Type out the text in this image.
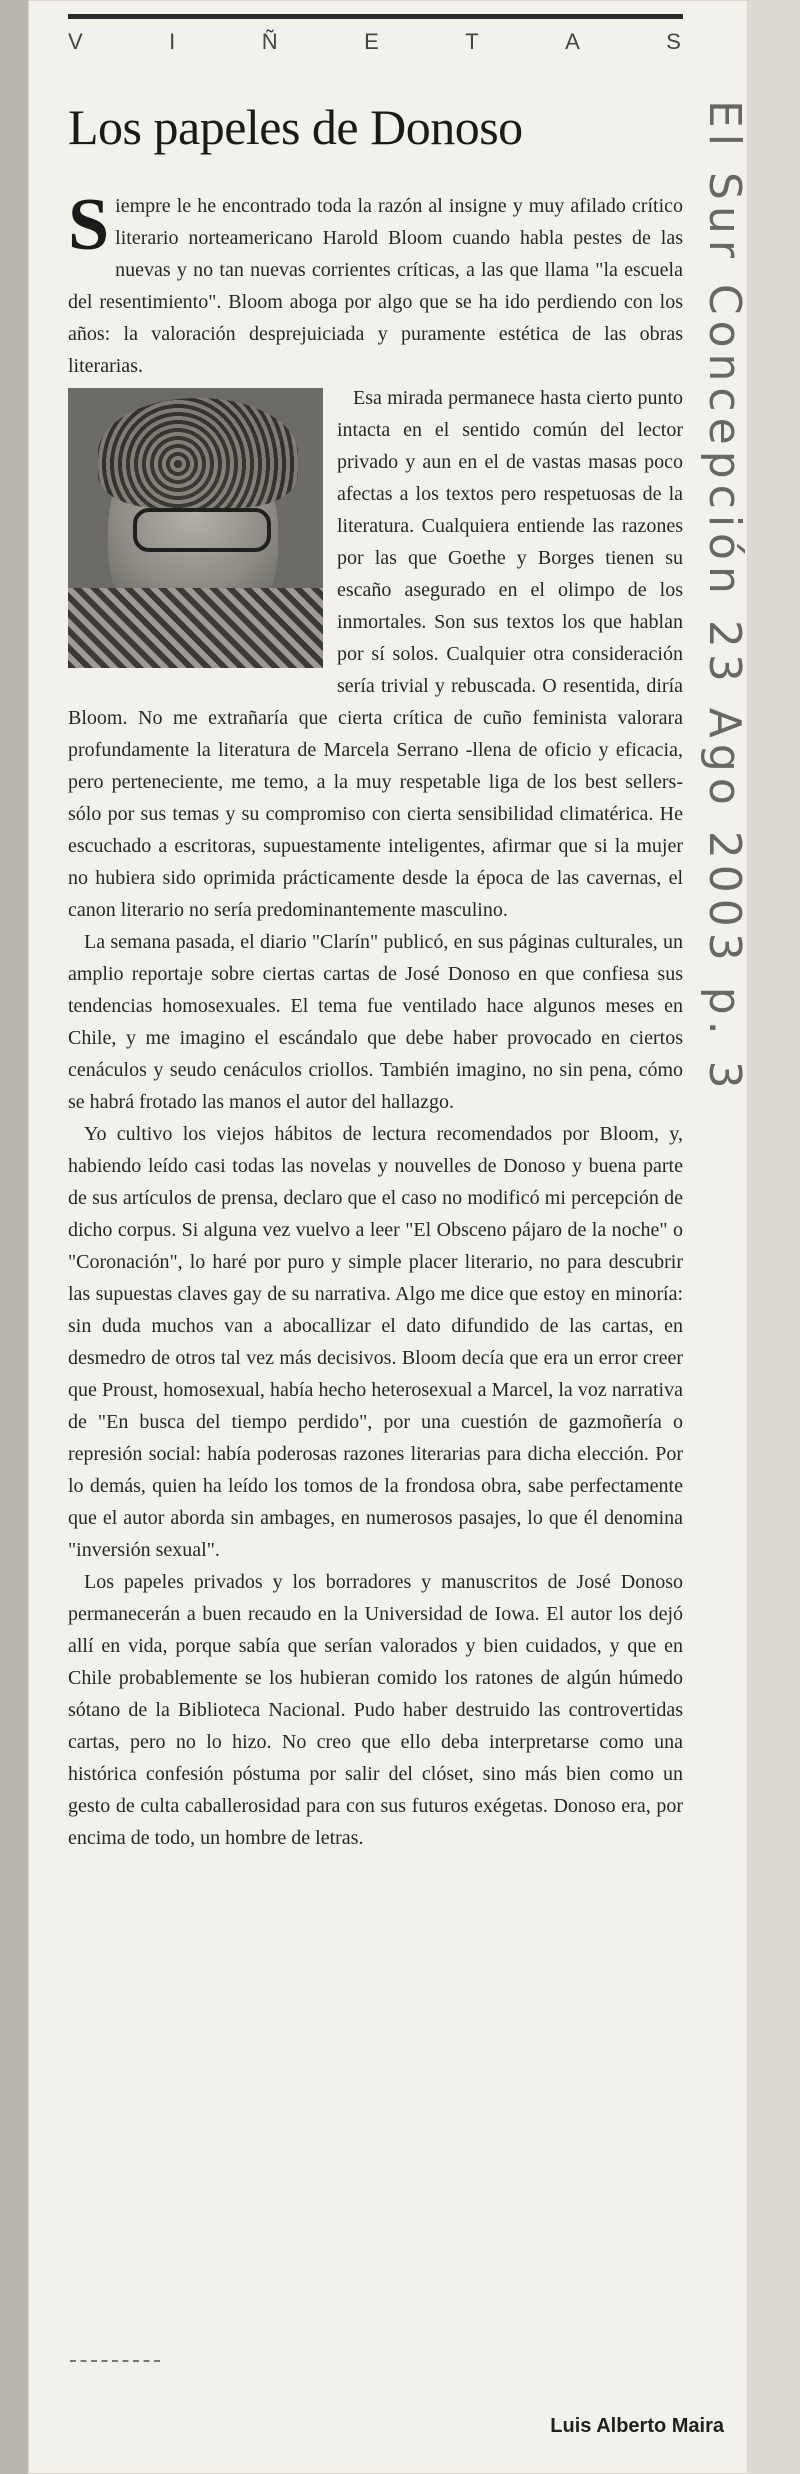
V	I	Ñ	E	T	A	S
Los papeles de Donoso

Siempre le he encontrado toda la razón al insigne y muy afilado crítico literario norteamericano Harold Bloom cuando habla pestes de las nuevas y no tan nuevas corrientes críticas, a las que llama "la escuela del resentimiento". Bloom aboga por algo que se ha ido perdiendo con los años: la valoración desprejuiciada y puramente estética de las obras literarias.

Esa mirada permanece hasta cierto punto intacta en el sentido común del lector privado y aun en el de vastas masas poco afectas a los textos pero respetuosas de la literatura. Cualquiera entiende las razones por las que Goethe y Borges tienen su escaño asegurado en el olimpo de los inmortales. Son sus textos los que hablan por sí solos. Cualquier otra consideración sería trivial y rebuscada. O resentida, diría Bloom. No me extrañaría que cierta crítica de cuño feminista valorara profundamente la literatura de Marcela Serrano -llena de oficio y eficacia, pero perteneciente, me temo, a la muy respetable liga de los best sellers- sólo por sus temas y su compromiso con cierta sensibilidad climatérica. He escuchado a escritoras, supuestamente inteligentes, afirmar que si la mujer no hubiera sido oprimida prácticamente desde la época de las cavernas, el canon literario no sería predominantemente masculino.

La semana pasada, el diario "Clarín" publicó, en sus páginas culturales, un amplio reportaje sobre ciertas cartas de José Donoso en que confiesa sus tendencias homosexuales. El tema fue ventilado hace algunos meses en Chile, y me imagino el escándalo que debe haber provocado en ciertos cenáculos y seudo cenáculos criollos. También imagino, no sin pena, cómo se habrá frotado las manos el autor del hallazgo.

Yo cultivo los viejos hábitos de lectura recomendados por Bloom, y, habiendo leído casi todas las novelas y nouvelles de Donoso y buena parte de sus artículos de prensa, declaro que el caso no modificó mi percepción de dicho corpus. Si alguna vez vuelvo a leer "El Obsceno pájaro de la noche" o "Coronación", lo haré por puro y simple placer literario, no para descubrir las supuestas claves gay de su narrativa. Algo me dice que estoy en minoría: sin duda muchos van a abocallizar el dato difundido de las cartas, en desmedro de otros tal vez más decisivos. Bloom decía que era un error creer que Proust, homosexual, había hecho heterosexual a Marcel, la voz narrativa de "En busca del tiempo perdido", por una cuestión de gazmoñería o represión social: había poderosas razones literarias para dicha elección. Por lo demás, quien ha leído los tomos de la frondosa obra, sabe perfectamente que el autor aborda sin ambages, en numerosos pasajes, lo que él denomina "inversión sexual".

Los papeles privados y los borradores y manuscritos de José Donoso permanecerán a buen recaudo en la Universidad de Iowa. El autor los dejó allí en vida, porque sabía que serían valorados y bien cuidados, y que en Chile probablemente se los hubieran comido los ratones de algún húmedo sótano de la Biblioteca Nacional. Pudo haber destruido las controvertidas cartas, pero no lo hizo. No creo que ello deba interpretarse como una histórica confesión póstuma por salir del clóset, sino más bien como un gesto de culta caballerosidad para con sus futuros exégetas. Donoso era, por encima de todo, un hombre de letras.

Luis Alberto Maira
El Sur Concepción 23 Ago 2003 p. 3
